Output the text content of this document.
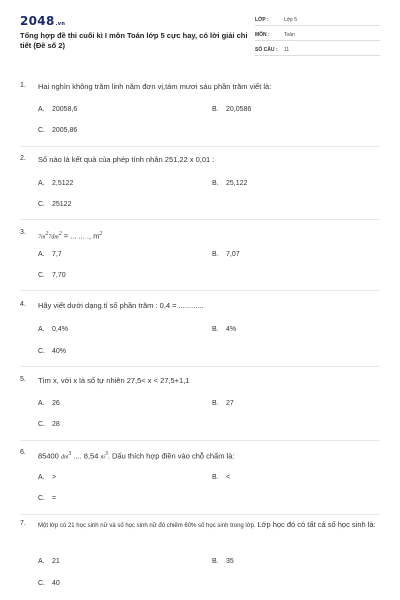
2048.vn
Tổng hợp đề thi cuối kì I môn Toán lớp 5 cực hay, có lời giải chi tiết (Đề số 2)
LỚP :	Lớp 5
MÔN :	Toán
SỐ CÂU : 11
1. Hai nghìn không trăm linh năm đơn vị,tám mươi sáu phần trăm viết là:
A. 20058,6	B. 20,0586
C. 2005,86
2. Số nào là kết quả của phép tính nhân 251,22 x 0,01 :
A. 2,5122	B. 25,122
C. 25122
3.
$7m^27dm^2$ = ... ... ., $m^2$
A. 7,7	B. 7,07
C. 7,70
4. Hãy viết dưới dạng tỉ số phần trăm : 0,4 = ............
A. 0,4%	B. 4%
C. 40%
5. Tìm x, với x là số tự nhiên 27,5< x < 27,5+1,1
A. 26	B. 27
C. 28
6. 85400 $dm^3$ .... 8,54 $m^3$. Dấu thích hợp điền vào chỗ chấm là:
A. >	B. <
C. =
7. Một lớp có 21 học sinh nữ và số học sinh nữ đó chiếm 60% số học sinh trong lớp. Lớp học đó có tất cả số học sinh là:
A. 21	B. 35
C. 40
